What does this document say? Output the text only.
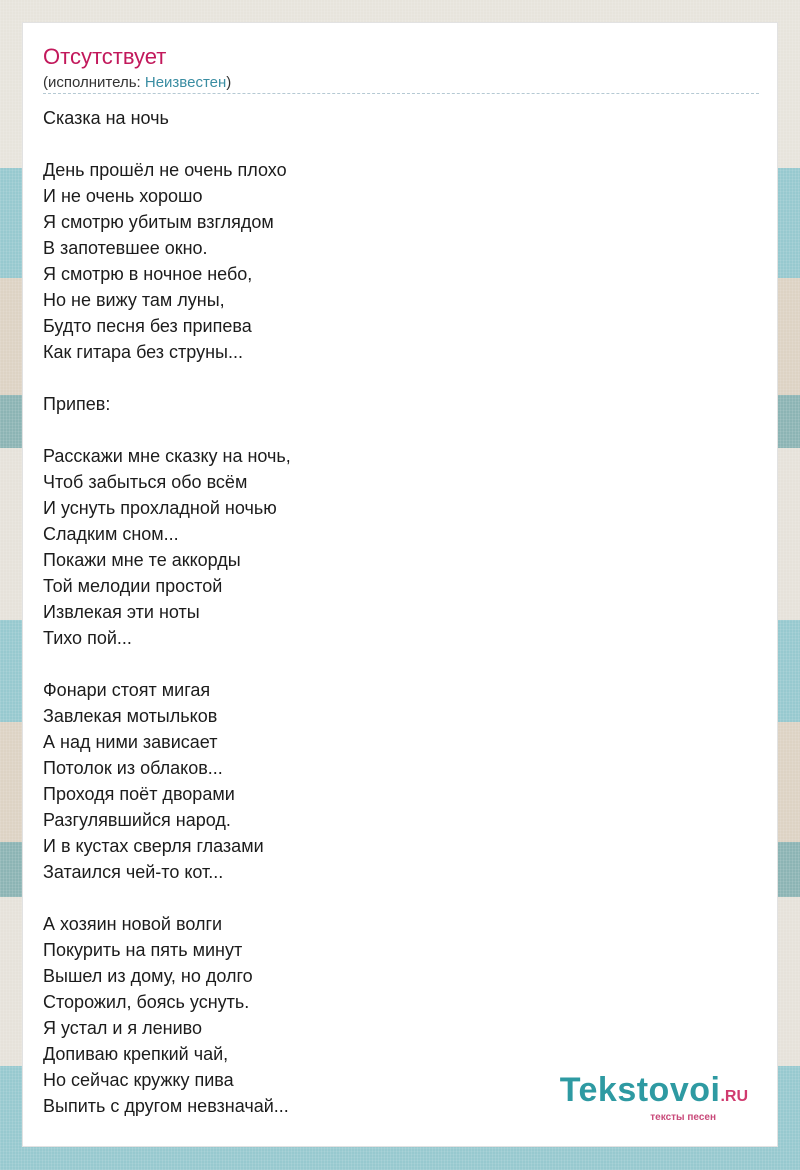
Отсутствует
(исполнитель: Неизвестен)
Сказка на ночь

День прошёл не очень плохо
И не очень хорошо
Я смотрю убитым взглядом
В запотевшее окно.
Я смотрю в ночное небо,
Но не вижу там луны,
Будто песня без припева
Как гитара без струны...

Припев:

Расскажи мне сказку на ночь,
Чтоб забыться обо всём
И уснуть прохладной ночью
Сладким сном...
Покажи мне те аккорды
Той мелодии простой
Извлекая эти ноты
Тихо пой...

Фонари стоят мигая
Завлекая мотыльков
А над ними зависает
Потолок из облаков...
Проходя поёт дворами
Разгулявшийся народ.
И в кустах сверля глазами
Затаился чей-то кот...

А хозяин новой волги
Покурить на пять минут
Вышел из дому, но долго
Сторожил, боясь уснуть.
Я устал и я лениво
Допиваю крепкий чай,
Но сейчас кружку пива
Выпить с другом невзначай...	Tekstovoi.RU
тексты песен
